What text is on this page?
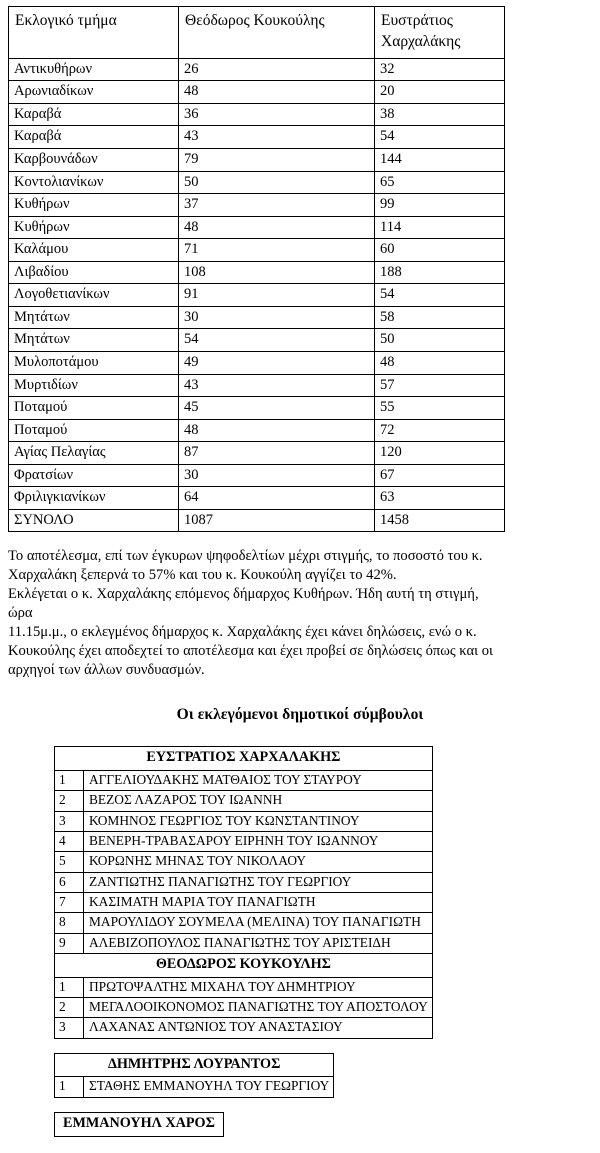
Εκλογικό τμήμα	Θεόδωρος Κουκούλης	Ευστράτιος Χαρχαλάκης
Αντικυθήρων	26	32
Αρωνιαδίκων	48	20
Καραβά	36	38
Καραβά	43	54
Καρβουνάδων	79	144
Κοντολιανίκων	50	65
Κυθήρων	37	99
Κυθήρων	48	114
Καλάμου	71	60
Λιβαδίου	108	188
Λογοθετιανίκων	91	54
Μητάτων	30	58
Μητάτων	54	50
Μυλοποτάμου	49	48
Μυρτιδίων	43	57
Ποταμού	45	55
Ποταμού	48	72
Αγίας Πελαγίας	87	120
Φρατσίων	30	67
Φριλιγκιανίκων	64	63
ΣΥΝΟΛΟ	1087	1458

Το αποτέλεσμα, επί των έγκυρων ψηφοδελτίων μέχρι στιγμής, το ποσοστό του κ.

Χαρχαλάκη ξεπερνά το 57% και του κ. Κουκούλη αγγίζει το 42%.

Εκλέγεται ο κ. Χαρχαλάκης επόμενος δήμαρχος Κυθήρων. Ήδη αυτή τη στιγμή, ώρα

11.15μ.μ., ο εκλεγμένος δήμαρχος κ. Χαρχαλάκης έχει κάνει δηλώσεις, ενώ ο κ.

Κουκούλης έχει αποδεχτεί το αποτέλεσμα και έχει προβεί σε δηλώσεις όπως και οι

αρχηγοί των άλλων συνδυασμών.

Οι εκλεγόμενοι δημοτικοί σύμβουλοι
ΕΥΣΤΡΑΤΙΟΣ ΧΑΡΧΑΛΑΚΗΣ	
1	ΑΓΓΕΛΙΟΥΔΑΚΗΣ ΜΑΤΘΑΙΟΣ ΤΟΥ ΣΤΑΥΡΟΥ
2	ΒΕΖΟΣ ΛΑΖΑΡΟΣ ΤΟΥ ΙΩΑΝΝΗ
3	ΚΟΜΗΝΟΣ ΓΕΩΡΓΙΟΣ ΤΟΥ ΚΩΝΣΤΑΝΤΙΝΟΥ
4	ΒΕΝΕΡΗ-ΤΡΑΒΑΣΑΡΟΥ ΕΙΡΗΝΗ ΤΟΥ ΙΩΑΝΝΟΥ
5	ΚΟΡΩΝΗΣ ΜΗΝΑΣ ΤΟΥ ΝΙΚΟΛΑΟΥ
6	ΖΑΝΤΙΩΤΗΣ ΠΑΝΑΓΙΩΤΗΣ ΤΟΥ ΓΕΩΡΓΙΟΥ
7	ΚΑΣΙΜΑΤΗ ΜΑΡΙΑ ΤΟΥ ΠΑΝΑΓΙΩΤΗ
8	ΜΑΡΟΥΛΙΔΟΥ ΣΟΥΜΕΛΑ (ΜΕΛΙΝΑ) ΤΟΥ ΠΑΝΑΓΙΩΤΗ
9	ΑΛΕΒΙΖΟΠΟΥΛΟΣ ΠΑΝΑΓΙΩΤΗΣ ΤΟΥ ΑΡΙΣΤΕΙΔΗ
ΘΕΟΔΩΡΟΣ ΚΟΥΚΟΥΛΗΣ	
1	ΠΡΩΤΟΨΑΛΤΗΣ ΜΙΧΑΗΛ ΤΟΥ ΔΗΜΗΤΡΙΟΥ
2	ΜΕΓΑΛΟΟΙΚΟΝΟΜΟΣ ΠΑΝΑΓΙΩΤΗΣ ΤΟΥ ΑΠΟΣΤΟΛΟΥ
3	ΛΑΧΑΝΑΣ ΑΝΤΩΝΙΟΣ ΤΟΥ ΑΝΑΣΤΑΣΙΟΥ
ΔΗΜΗΤΡΗΣ ΛΟΥΡΑΝΤΟΣ
1	ΣΤΑΘΗΣ ΕΜΜΑΝΟΥΗΛ ΤΟΥ ΓΕΩΡΓΙΟΥ
ΕΜΜΑΝΟΥΗΛ ΧΑΡΟΣ
